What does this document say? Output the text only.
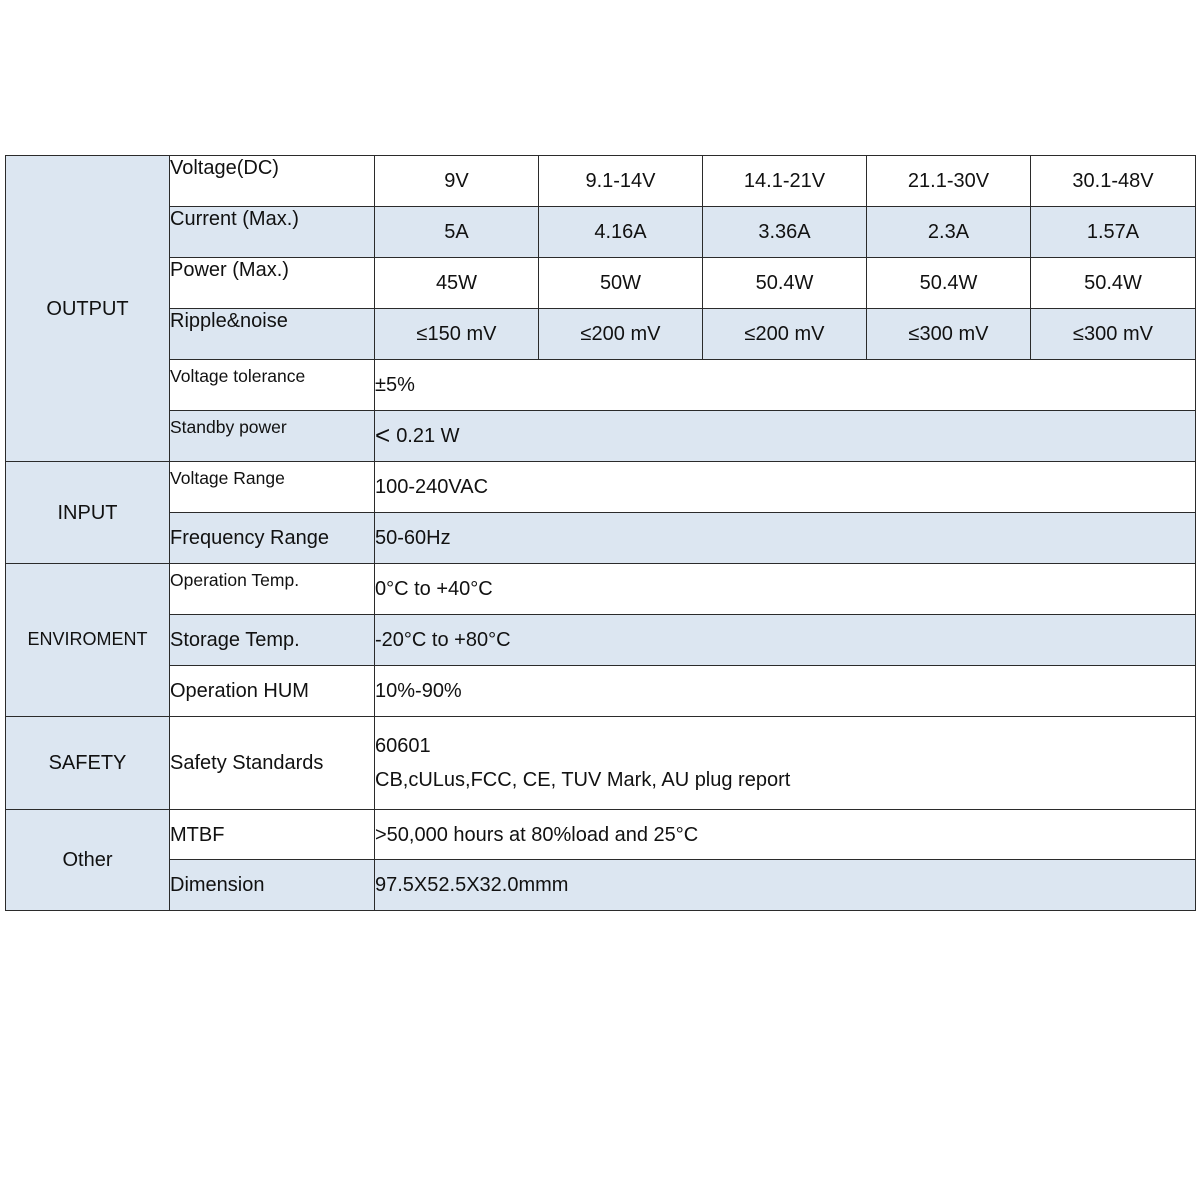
OUTPUT	Voltage(DC)	9V	9.1-14V	14.1-21V	21.1-30V	30.1-48V
	Current (Max.)	5A	4.16A	3.36A	2.3A	1.57A
	Power (Max.)	45W	50W	50.4W	50.4W	50.4W
	Ripple&noise	≤150 mV	≤200 mV	≤200 mV	≤300 mV	≤300 mV
	Voltage tolerance	±5%				
	Standby power	< 0.21 W				
INPUT	Voltage Range	100-240VAC				
	Frequency Range	50-60Hz				
ENVIROMENT	Operation Temp.	0°C to +40°C				
	Storage Temp.	-20°C to +80°C				
	Operation HUM	10%-90%				
SAFETY	Safety Standards	60601
CB,cULus,FCC, CE, TUV Mark, AU plug report				

Other	MTBF	>50,000 hours at 80%load and 25°C				
	Dimension	97.5X52.5X32.0mmm				
